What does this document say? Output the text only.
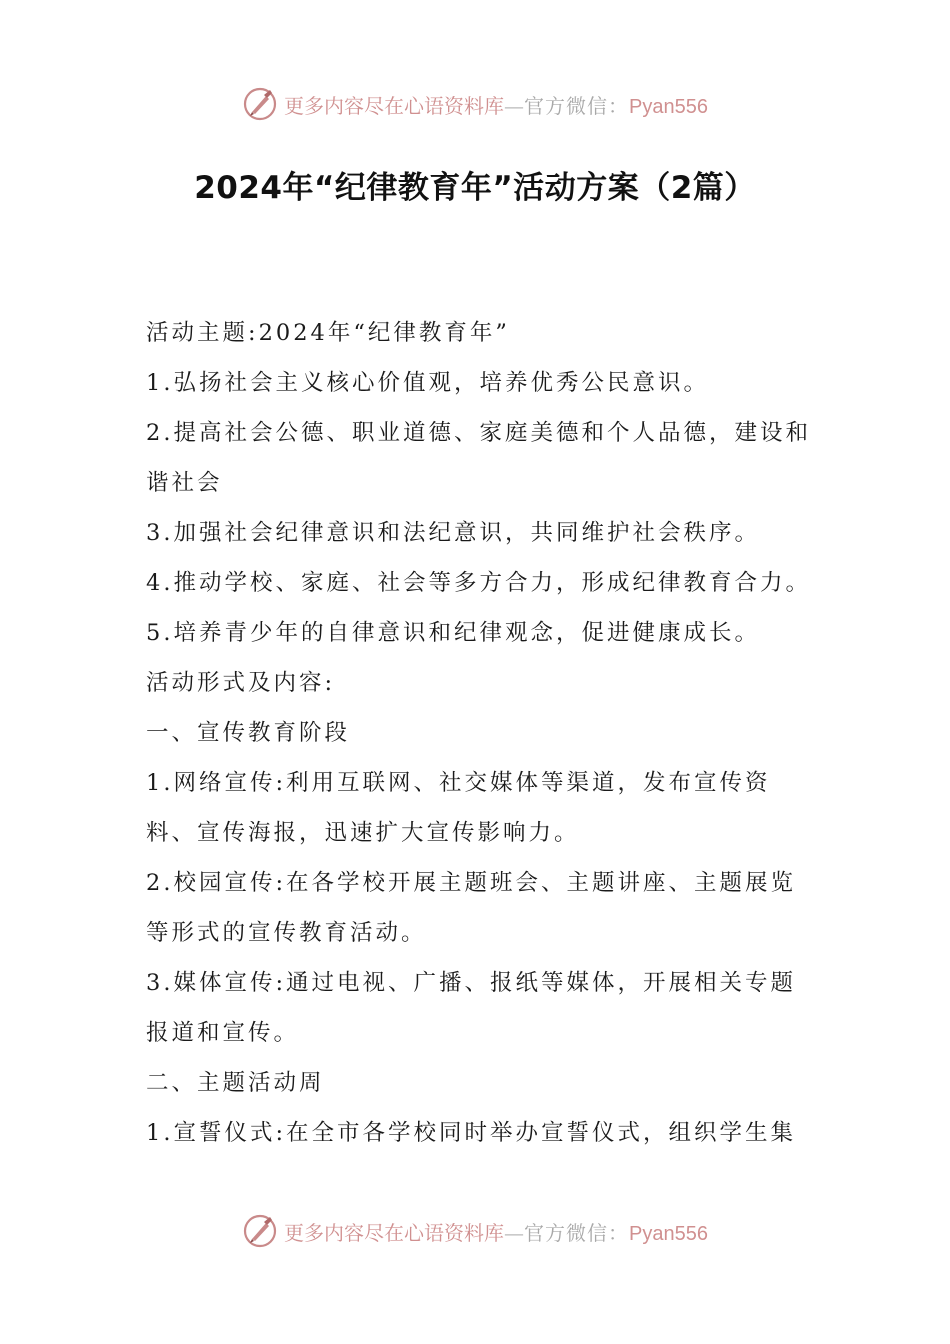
更多内容尽在心语资料库 — 官方微信： Pyan556
2024年“纪律教育年”活动方案（2篇）
活动主题:2024年“纪律教育年”
1.弘扬社会主义核心价值观，培养优秀公民意识。
2.提高社会公德、职业道德、家庭美德和个人品德，建设和
谐社会
3.加强社会纪律意识和法纪意识，共同维护社会秩序。
4.推动学校、家庭、社会等多方合力，形成纪律教育合力。
5.培养青少年的自律意识和纪律观念，促进健康成长。
活动形式及内容:
一、宣传教育阶段
1.网络宣传:利用互联网、社交媒体等渠道，发布宣传资
料、宣传海报，迅速扩大宣传影响力。
2.校园宣传:在各学校开展主题班会、主题讲座、主题展览
等形式的宣传教育活动。
3.媒体宣传:通过电视、广播、报纸等媒体，开展相关专题
报道和宣传。
二、主题活动周
1.宣誓仪式:在全市各学校同时举办宣誓仪式，组织学生集
更多内容尽在心语资料库 — 官方微信： Pyan556
